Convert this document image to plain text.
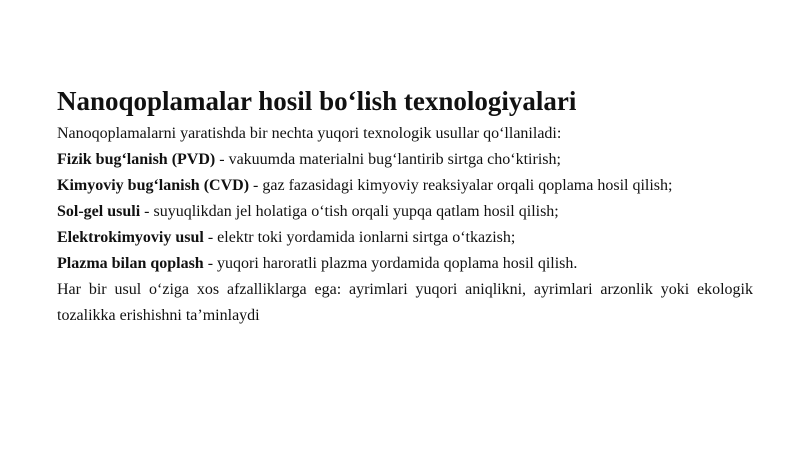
Nanoqoplamalar hosil bo‘lish texnologiyalari

Nanoqoplamalarni yaratishda bir nechta yuqori texnologik usullar qo‘llaniladi:

Fizik bug‘lanish (PVD) - vakuumda materialni bug‘lantirib sirtga cho‘ktirish;

Kimyoviy bug‘lanish (CVD) - gaz fazasidagi kimyoviy reaksiyalar orqali qoplama hosil qilish;

Sol-gel usuli - suyuqlikdan jel holatiga o‘tish orqali yupqa qatlam hosil qilish;

Elektrokimyoviy usul - elektr toki yordamida ionlarni sirtga o‘tkazish;

Plazma bilan qoplash - yuqori haroratli plazma yordamida qoplama hosil qilish.

Har bir usul o‘ziga xos afzalliklarga ega: ayrimlari yuqori aniqlikni, ayrimlari arzonlik yoki ekologik tozalikka erishishni ta’minlaydi
